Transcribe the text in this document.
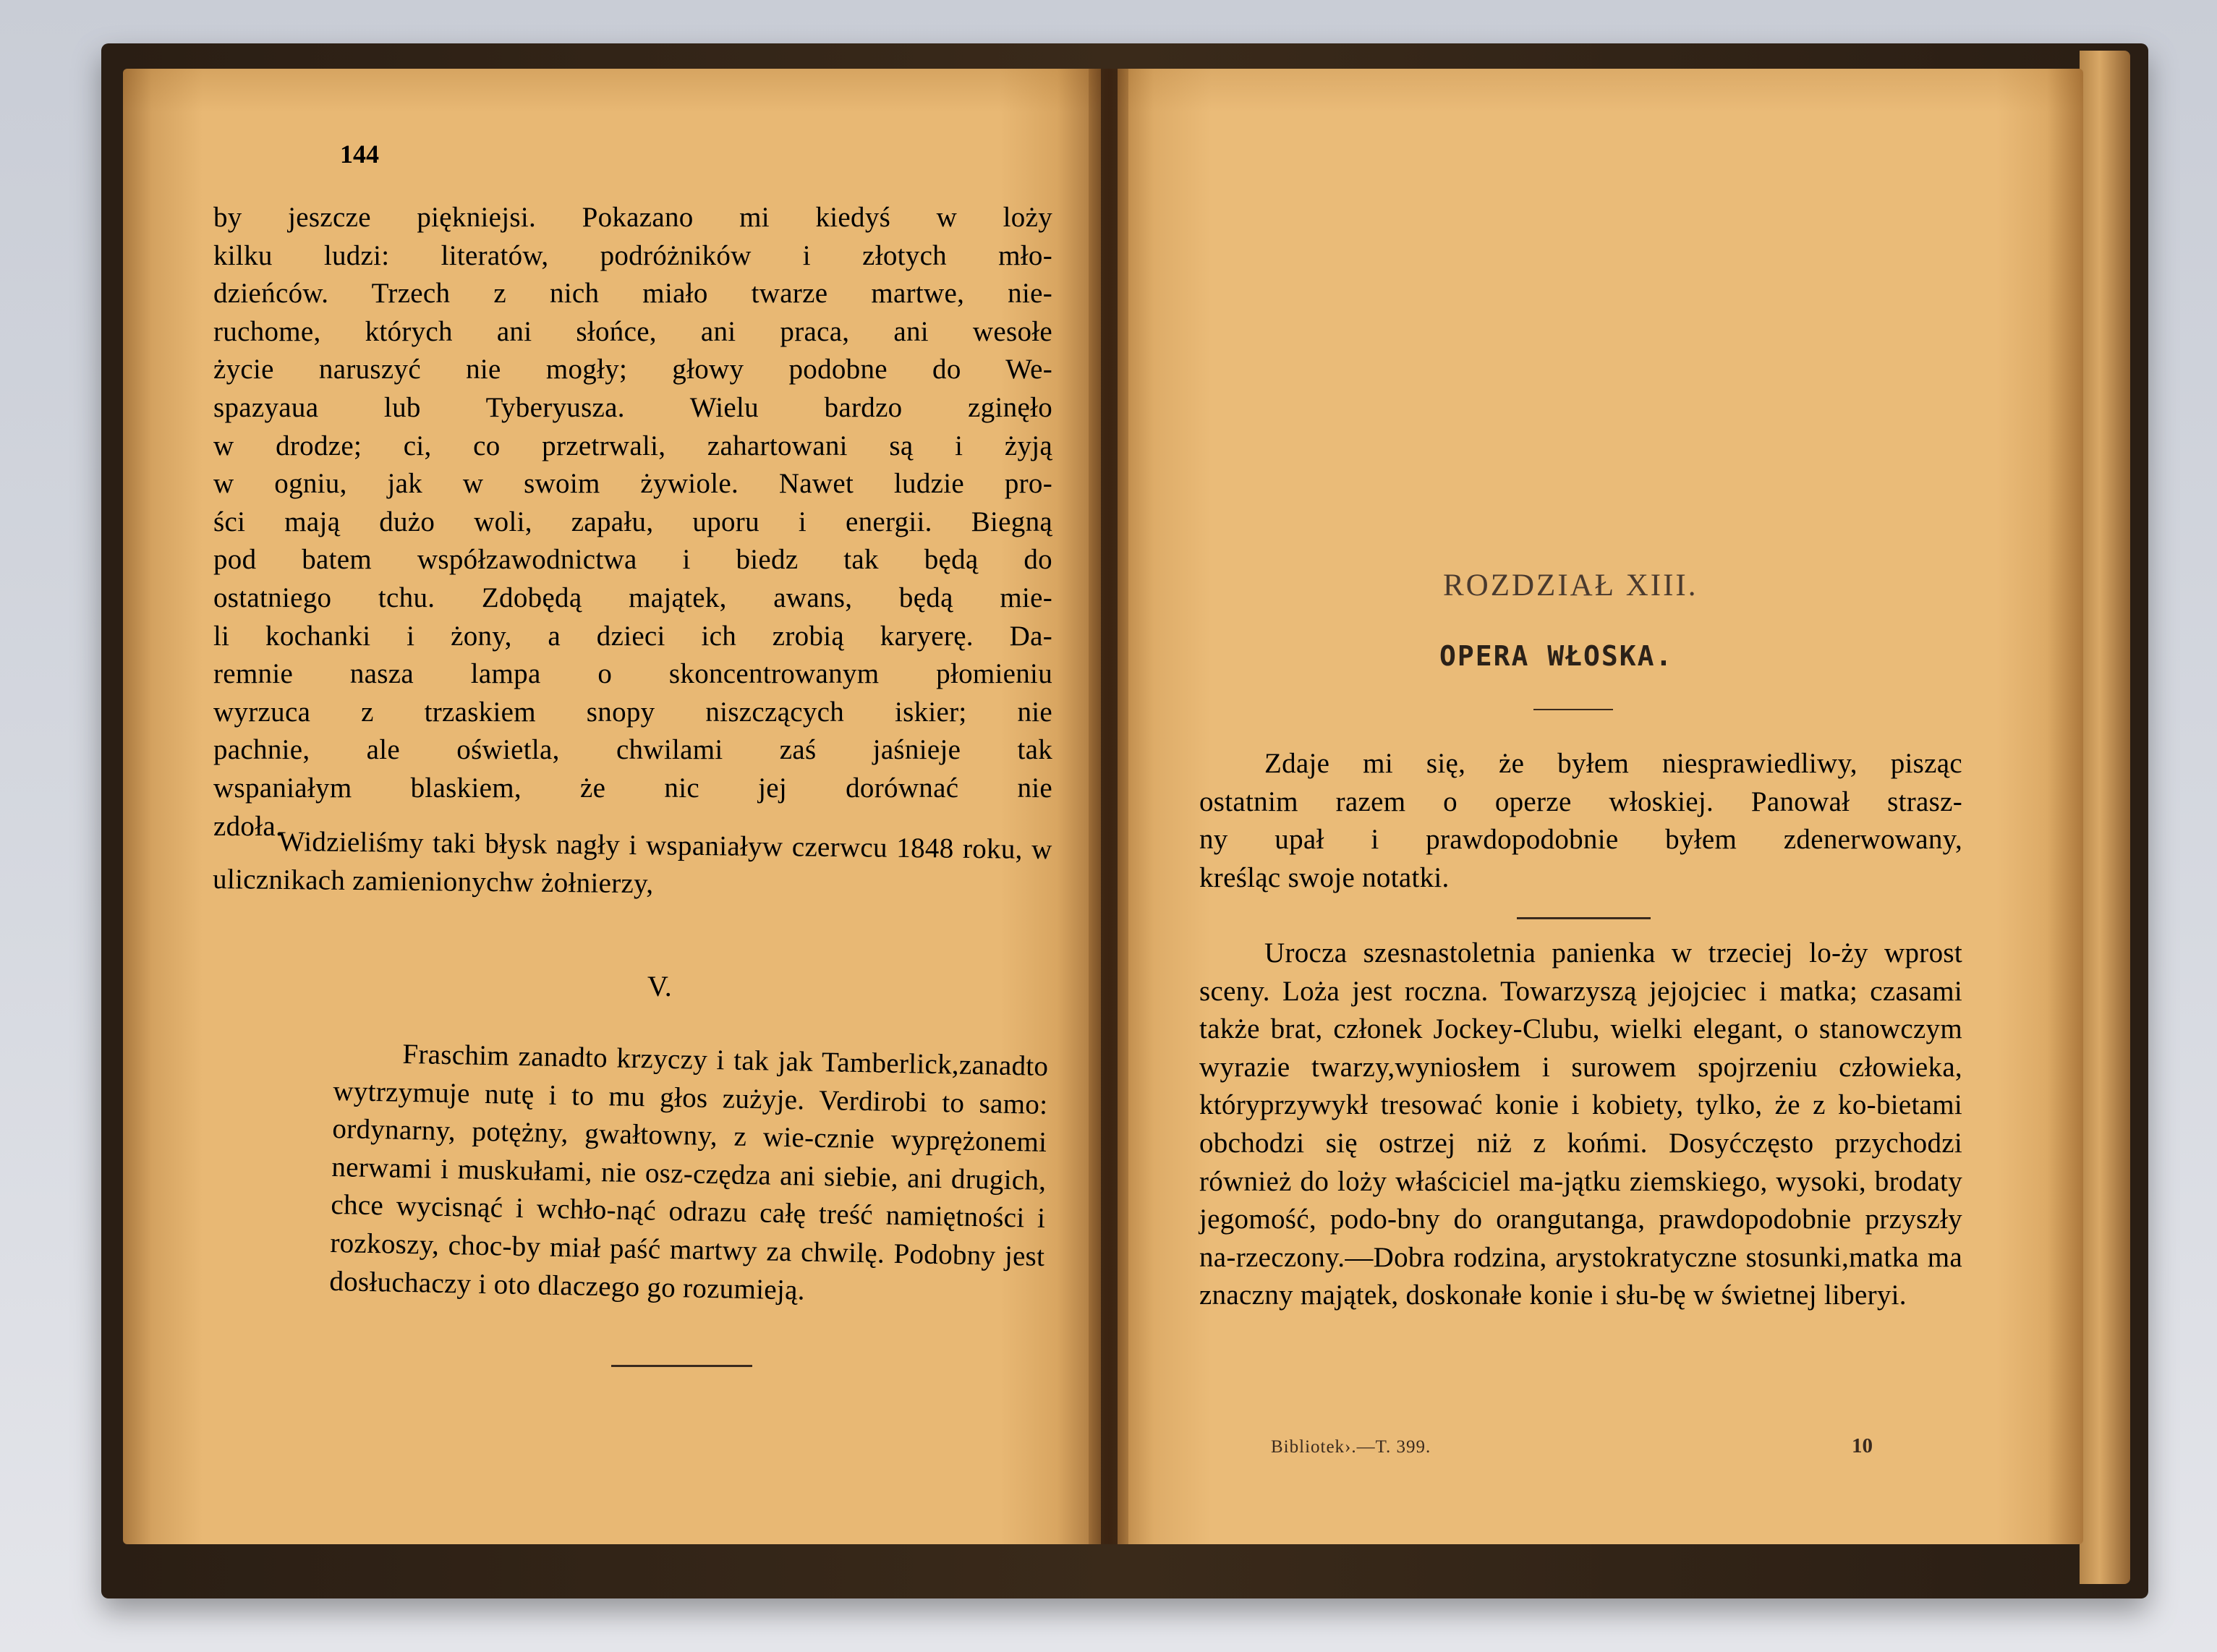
144
by jeszcze piękniejsi. Pokazano mi kiedyś w loży
kilku ludzi: literatów, podróżników i złotych mło-
dzieńców. Trzech z nich miało twarze martwe, nie-
ruchome, których ani słońce, ani praca, ani wesołe
życie naruszyć nie mogły; głowy podobne do We-
spazyaua lub Tyberyusza. Wielu bardzo zginęło
w drodze; ci, co przetrwali, zahartowani są i żyją
w ogniu, jak w swoim żywiole. Nawet ludzie pro-
ści mają dużo woli, zapału, uporu i energii. Biegną
pod batem współzawodnictwa i biedz tak będą do
ostatniego tchu. Zdobędą majątek, awans, będą mie-
li kochanki i żony, a dzieci ich zrobią karyerę. Da-
remnie nasza lampa o skoncentrowanym płomieniu
wyrzuca z trzaskiem snopy niszczących iskier; nie
pachnie, ale oświetla, chwilami zaś jaśnieje tak
wspaniałym blaskiem, że nic jej dorównać nie
zdoła.
Widzieliśmy taki błysk nagły i wspaniaływ czerwcu 1848 roku, w ulicznikach zamienionychw żołnierzy,
V.
Fraschim zanadto krzyczy i tak jak Tamberlick,zanadto wytrzymuje nutę i to mu głos zużyje. Verdirobi to samo: ordynarny, potężny, gwałtowny, z wie-cznie wyprężonemi nerwami i muskułami, nie osz-czędza ani siebie, ani drugich, chce wycisnąć i wchło-nąć odrazu całę treść namiętności i rozkoszy, choc-by miał paść martwy za chwilę. Podobny jest dosłuchaczy i oto dlaczego go rozumieją.
ROZDZIAŁ XIII.
OPERA WŁOSKA.
Zdaje mi się, że byłem niesprawiedliwy, pisząc
ostatnim razem o operze włoskiej. Panował strasz-
ny upał i prawdopodobnie byłem zdenerwowany,
kreśląc swoje notatki.
Urocza szesnastoletnia panienka w trzeciej lo-ży wprost sceny. Loża jest roczna. Towarzyszą jejojciec i matka; czasami także brat, członek Jockey-Clubu, wielki elegant, o stanowczym wyrazie twarzy,wyniosłem i surowem spojrzeniu człowieka, któryprzywykł tresować konie i kobiety, tylko, że z ko-bietami obchodzi się ostrzej niż z końmi. Dosyćczęsto przychodzi również do loży właściciel ma-jątku ziemskiego, wysoki, brodaty jegomość, podo-bny do orangutanga, prawdopodobnie przyszły na-rzeczony.—Dobra rodzina, arystokratyczne stosunki,matka ma znaczny majątek, doskonałe konie i słu-bę w świetnej liberyi.
Bibliotek›.—T. 399.	10
